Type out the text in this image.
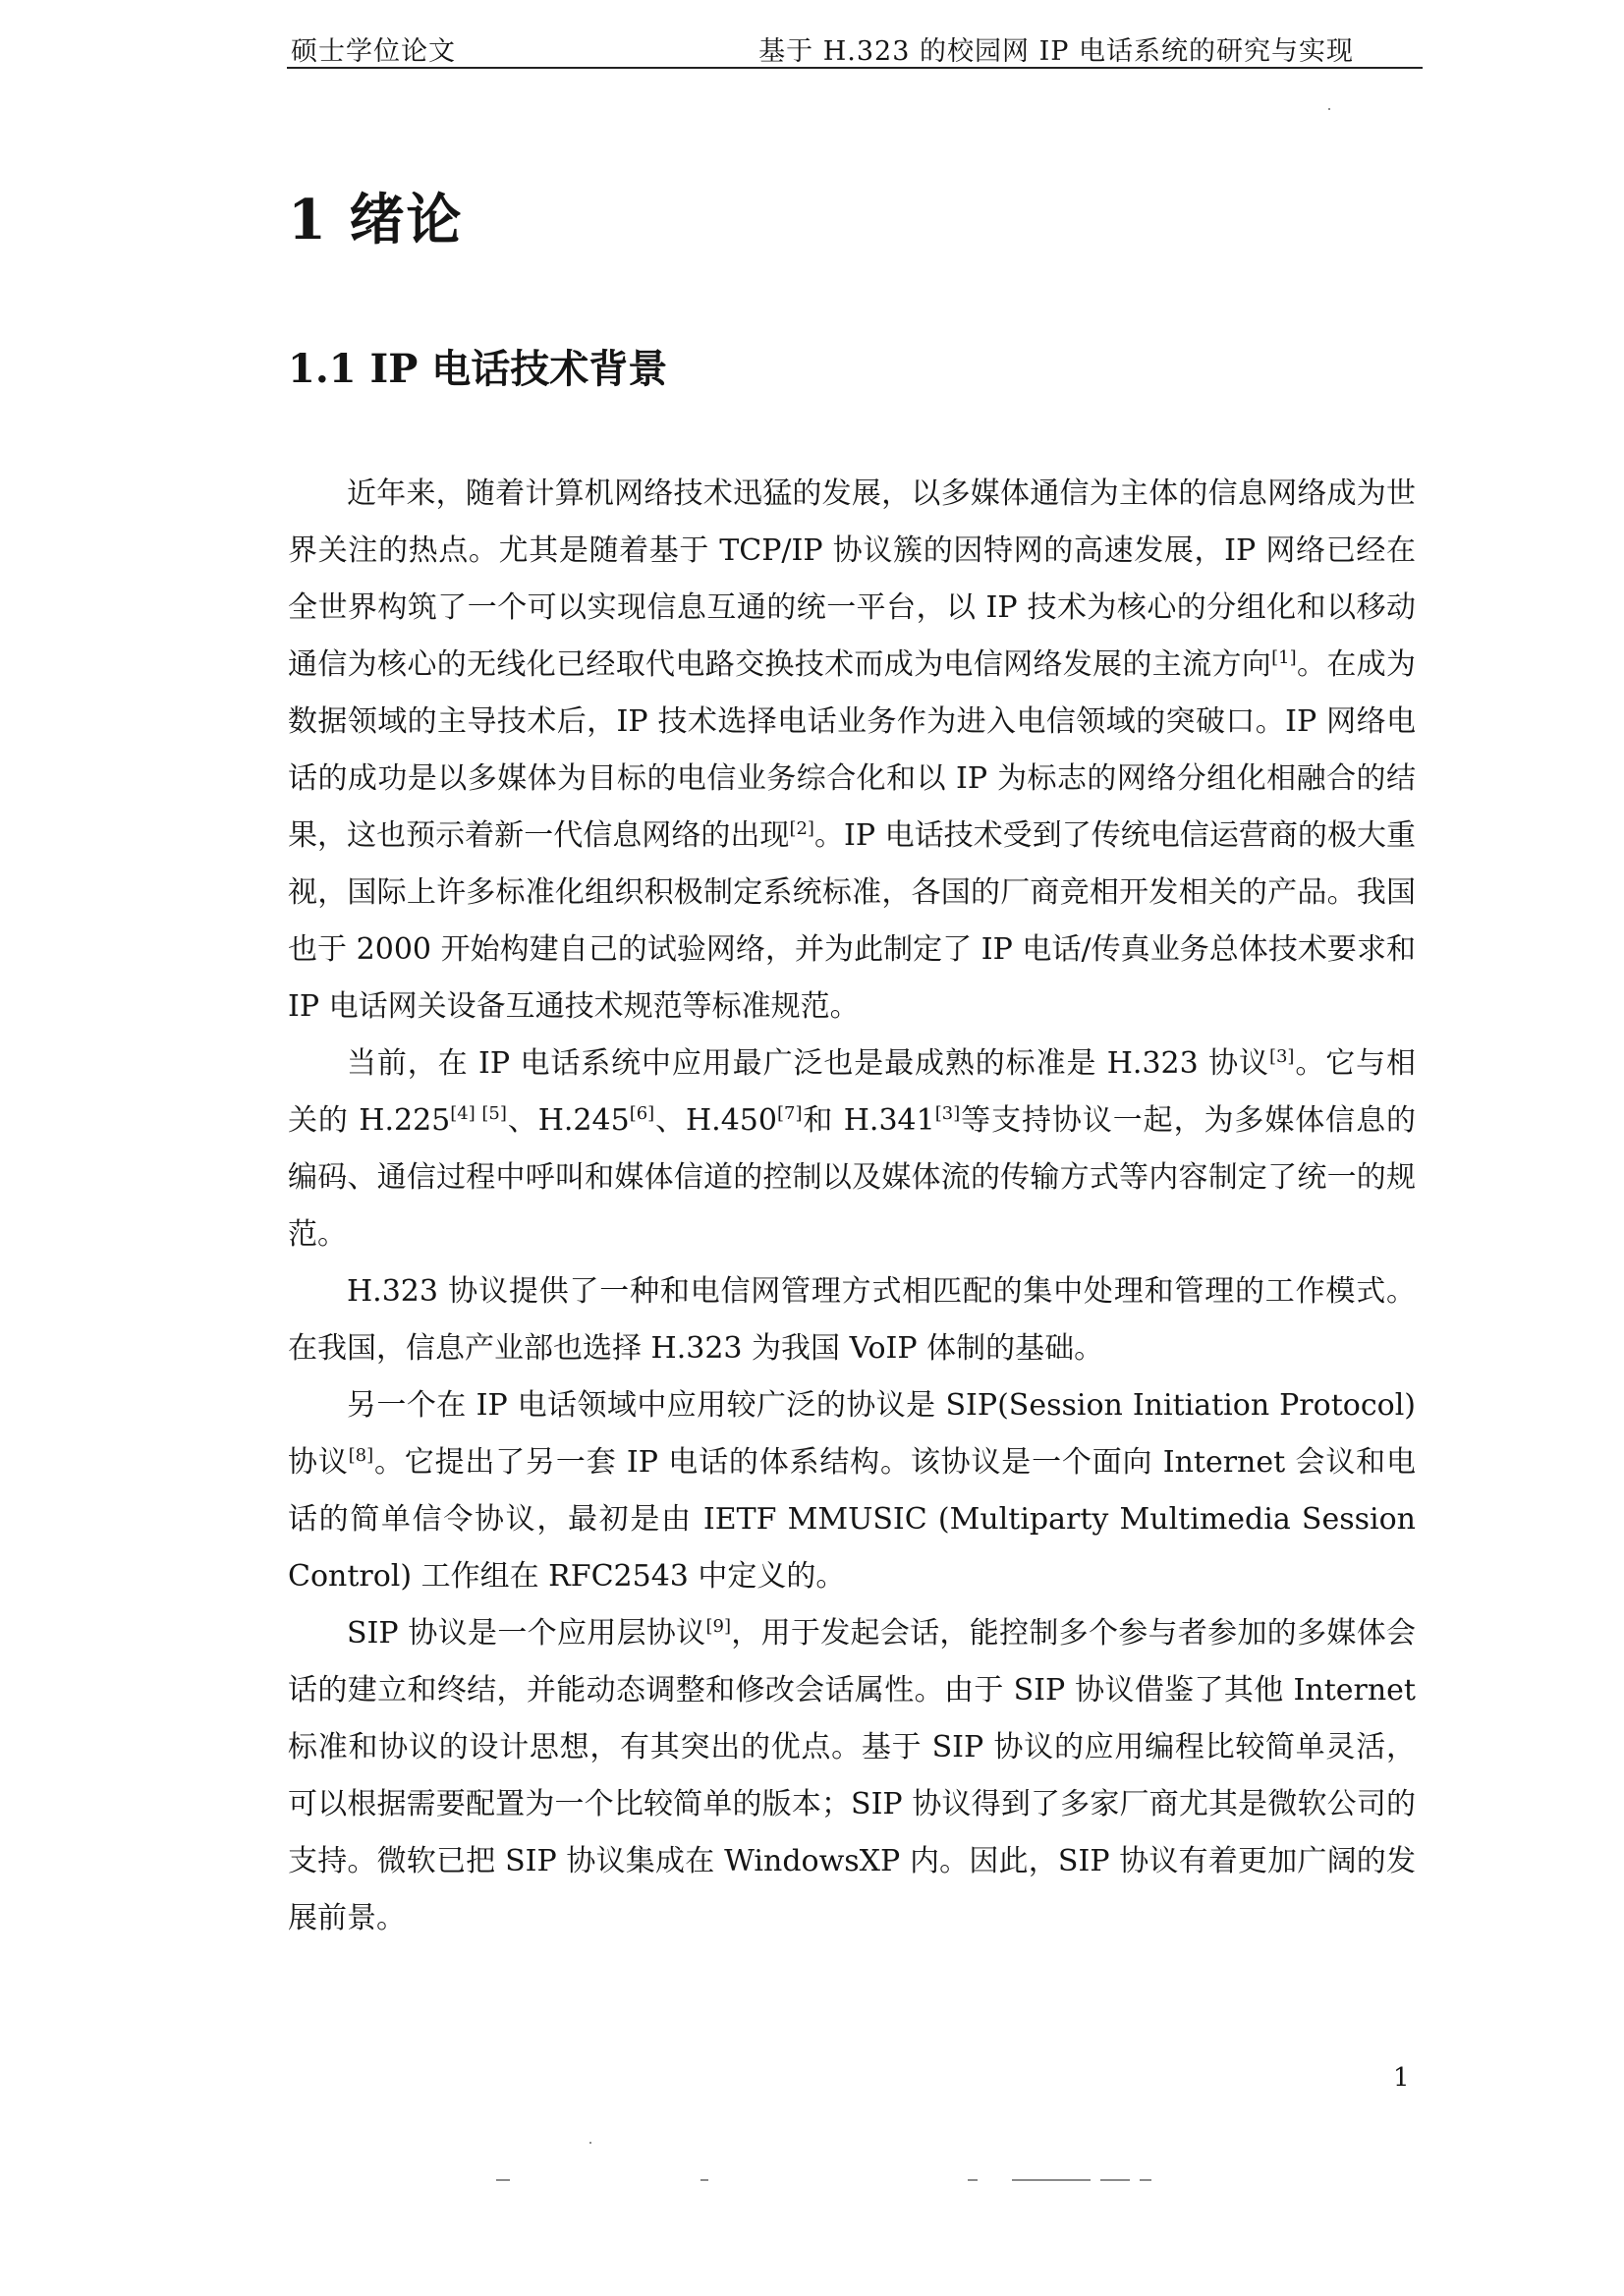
硕士学位论文	基于 H.323 的校园网 IP 电话系统的研究与实现
1 绪论
1.1 IP 电话技术背景

近年来，随着计算机网络技术迅猛的发展，以多媒体通信为主体的信息网络成为世界关注的热点。尤其是随着基于 TCP/IP 协议簇的因特网的高速发展，IP 网络已经在全世界构筑了一个可以实现信息互通的统一平台，以 IP 技术为核心的分组化和以移动通信为核心的无线化已经取代电路交换技术而成为电信网络发展的主流方向[1]。在成为数据领域的主导技术后，IP 技术选择电话业务作为进入电信领域的突破口。IP 网络电话的成功是以多媒体为目标的电信业务综合化和以 IP 为标志的网络分组化相融合的结果，这也预示着新一代信息网络的出现[2]。IP 电话技术受到了传统电信运营商的极大重视，国际上许多标准化组织积极制定系统标准，各国的厂商竞相开发相关的产品。我国也于 2000 开始构建自己的试验网络，并为此制定了 IP 电话/传真业务总体技术要求和 IP 电话网关设备互通技术规范等标准规范。

当前，在 IP 电话系统中应用最广泛也是最成熟的标准是 H.323 协议[3]。它与相关的 H.225[4] [5]、H.245[6]、H.450[7]和 H.341[3]等支持协议一起，为多媒体信息的编码、通信过程中呼叫和媒体信道的控制以及媒体流的传输方式等内容制定了统一的规范。

H.323 协议提供了一种和电信网管理方式相匹配的集中处理和管理的工作模式。在我国，信息产业部也选择 H.323 为我国 VoIP 体制的基础。

另一个在 IP 电话领域中应用较广泛的协议是 SIP(Session Initiation Protocol) 协议[8]。它提出了另一套 IP 电话的体系结构。该协议是一个面向 Internet 会议和电话的简单信令协议，最初是由 IETF MMUSIC (Multiparty Multimedia Session Control) 工作组在 RFC2543 中定义的。

SIP 协议是一个应用层协议[9]，用于发起会话，能控制多个参与者参加的多媒体会话的建立和终结，并能动态调整和修改会话属性。由于 SIP 协议借鉴了其他 Internet 标准和协议的设计思想，有其突出的优点。基于 SIP 协议的应用编程比较简单灵活，可以根据需要配置为一个比较简单的版本；SIP 协议得到了多家厂商尤其是微软公司的支持。微软已把 SIP 协议集成在 WindowsXP 内。因此，SIP 协议有着更加广阔的发展前景。

1
